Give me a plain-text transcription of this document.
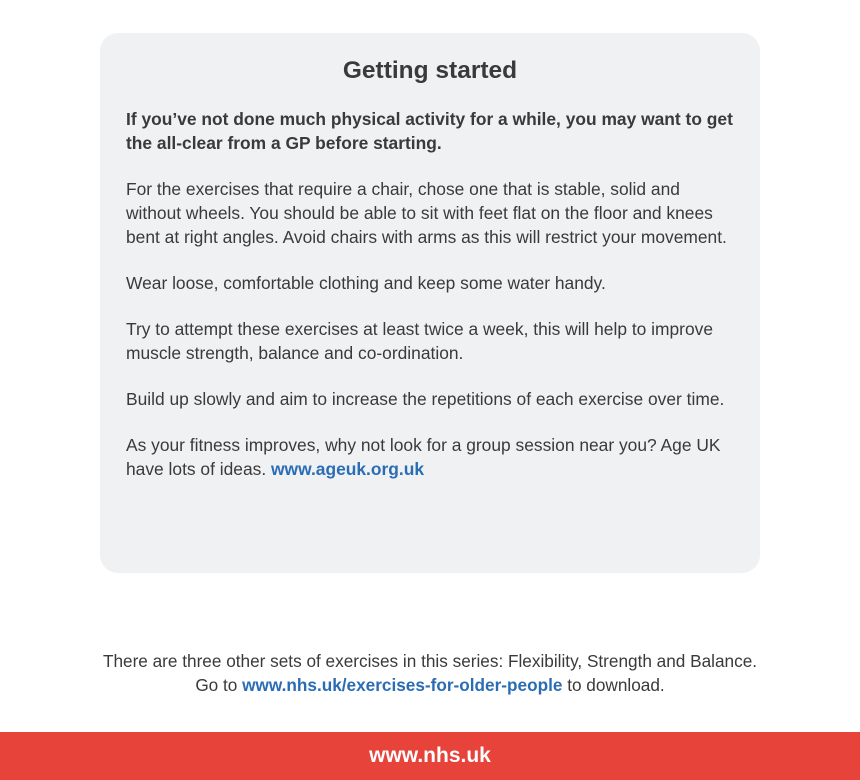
Getting started

If you’ve not done much physical activity for a while, you may want to get the all-clear from a GP before starting.

For the exercises that require a chair, chose one that is stable, solid and without wheels. You should be able to sit with feet flat on the floor and knees bent at right angles. Avoid chairs with arms as this will restrict your movement.

Wear loose, comfortable clothing and keep some water handy.

Try to attempt these exercises at least twice a week, this will help to improve muscle strength, balance and co-ordination.

Build up slowly and aim to increase the repetitions of each exercise over time.

As your fitness improves, why not look for a group session near you? Age UK have lots of ideas. www.ageuk.org.uk

There are three other sets of exercises in this series: Flexibility, Strength and Balance.

Go to www.nhs.uk/exercises-for-older-people to download.

www.nhs.uk
